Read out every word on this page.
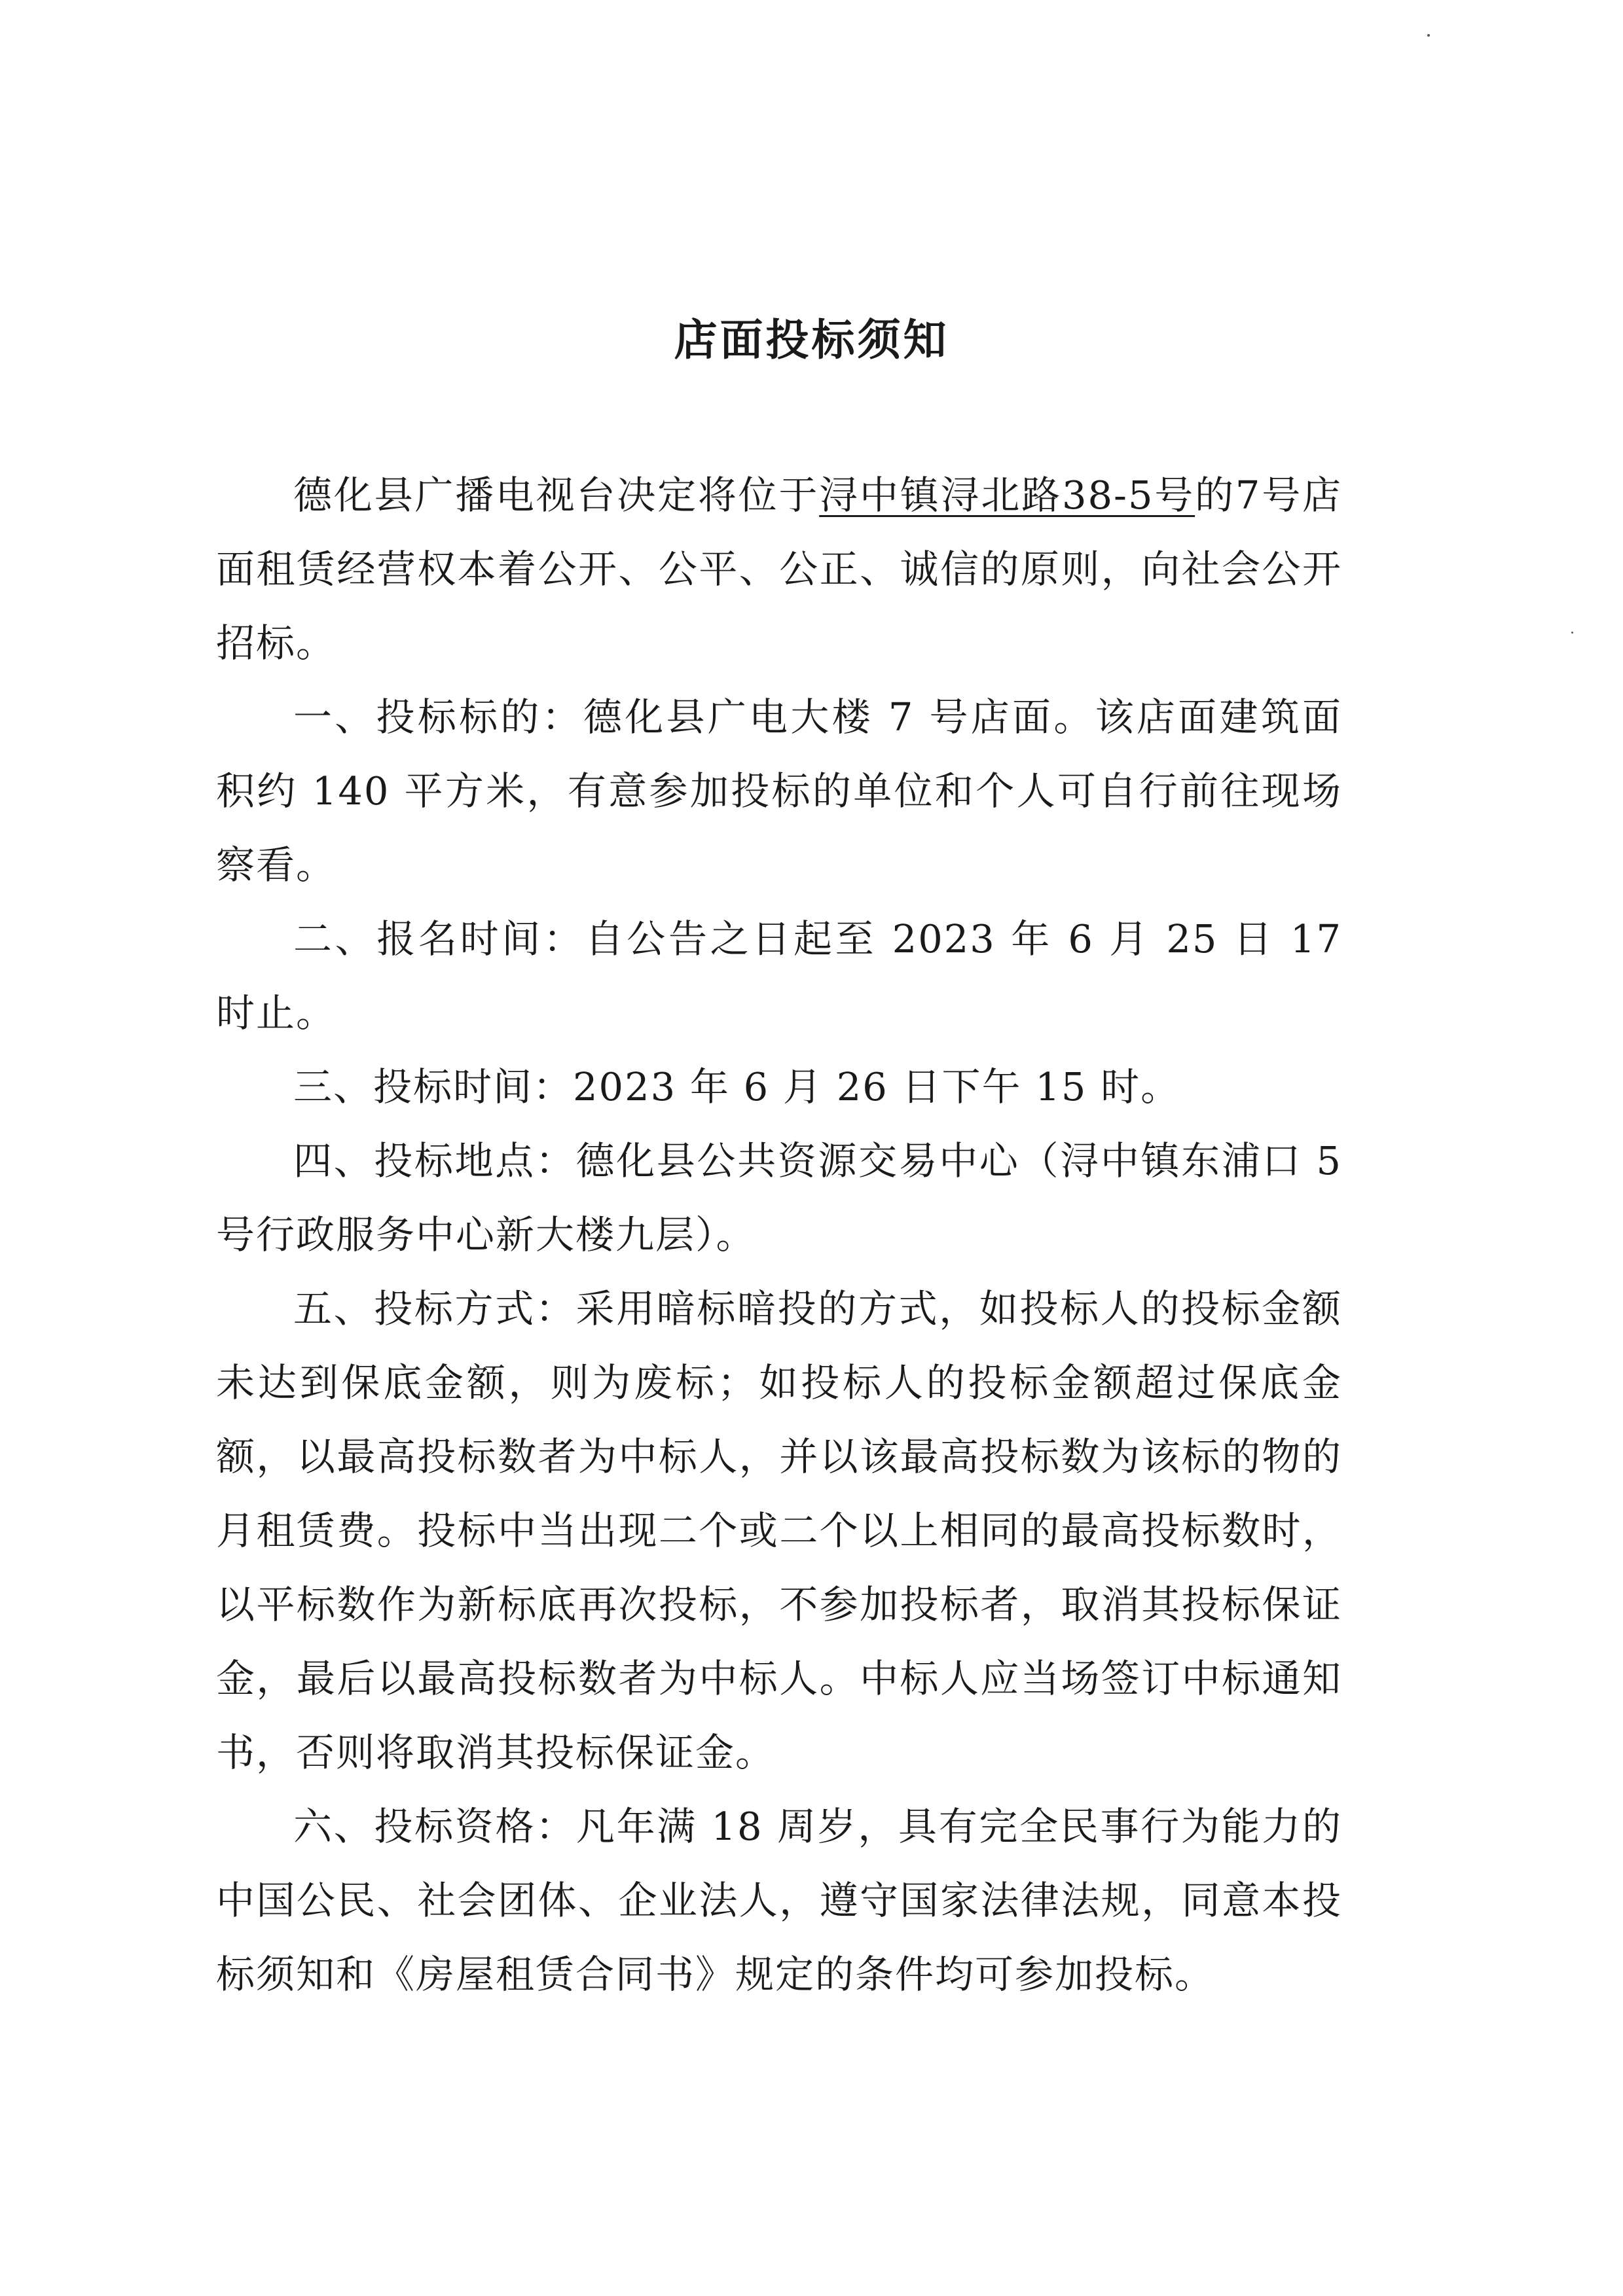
店面投标须知

德化县广播电视台决定将位于浔中镇浔北路38-5号的7号店面租赁经营权本着公开、公平、公正、诚信的原则，向社会公开招标。

一、投标标的：德化县广电大楼 7 号店面。该店面建筑面积约 140 平方米，有意参加投标的单位和个人可自行前往现场察看。

二、报名时间：自公告之日起至 2023 年 6 月 25 日 17 时止。

三、投标时间：2023 年 6 月 26 日下午 15 时。

四、投标地点：德化县公共资源交易中心（浔中镇东浦口 5 号行政服务中心新大楼九层）。

五、投标方式：采用暗标暗投的方式，如投标人的投标金额未达到保底金额，则为废标；如投标人的投标金额超过保底金额，以最高投标数者为中标人，并以该最高投标数为该标的物的月租赁费。投标中当出现二个或二个以上相同的最高投标数时，以平标数作为新标底再次投标，不参加投标者，取消其投标保证金，最后以最高投标数者为中标人。中标人应当场签订中标通知书，否则将取消其投标保证金。

六、投标资格：凡年满 18 周岁，具有完全民事行为能力的中国公民、社会团体、企业法人，遵守国家法律法规，同意本投标须知和《房屋租赁合同书》规定的条件均可参加投标。
